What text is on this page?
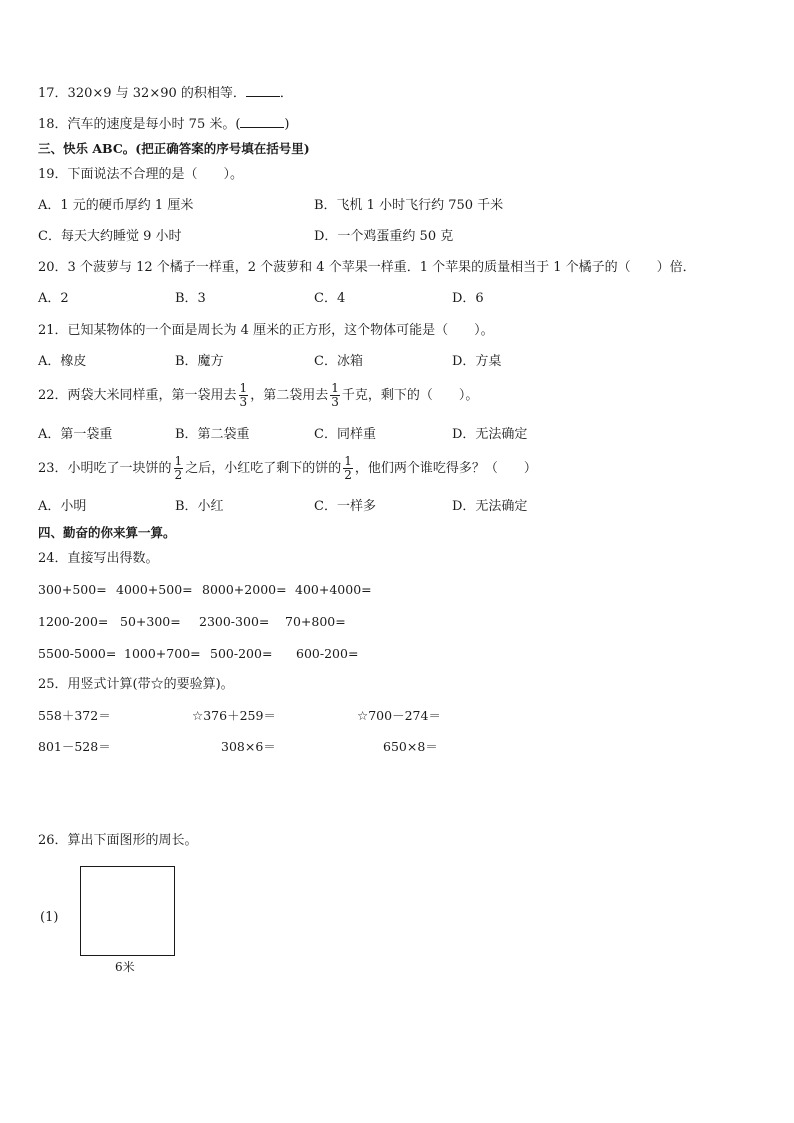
17．320×9 与 32×90 的积相等．	．
18．汽车的速度是每小时 75 米。(	)
三、快乐 ABC。(把正确答案的序号填在括号里)
19．下面说法不合理的是（　　）。
A．1 元的硬币厚约 1 厘米	B．飞机 1 小时飞行约 750 千米
C．每天大约睡觉 9 小时	D．一个鸡蛋重约 50 克
20．3 个菠萝与 12 个橘子一样重，2 个菠萝和 4 个苹果一样重．1 个苹果的质量相当于 1 个橘子的（　　）倍．
A．2	B．3	C．4	D．6
21．已知某物体的一个面是周长为 4 厘米的正方形，这个物体可能是（　　）。
A．橡皮	B．魔方	C．冰箱	D．方桌
22．两袋大米同样重，第一袋用去 $\frac{1}{3}$ ，第二袋用去 $\frac{1}{3}$ 千克，剩下的（　　）。
A．第一袋重	B．第二袋重	C．同样重	D．无法确定
23．小明吃了一块饼的 $\frac{1}{2}$ 之后，小红吃了剩下的饼的 $\frac{1}{2}$ ，他们两个谁吃得多？（　　）
A．小明	B．小红	C．一样多	D．无法确定
四、勤奋的你来算一算。
24．直接写出得数。
300+500= 4000+500= 8000+2000= 400+4000=
1200-200= 50+300= 2300-300= 70+800=
5500-5000= 1000+700= 500-200= 600-200=
25．用竖式计算(带☆的要验算)。
558＋372＝	☆376＋259＝	☆700－274＝
801－528＝	308×6＝	650×8＝
26．算出下面图形的周长。
(1)
6米
